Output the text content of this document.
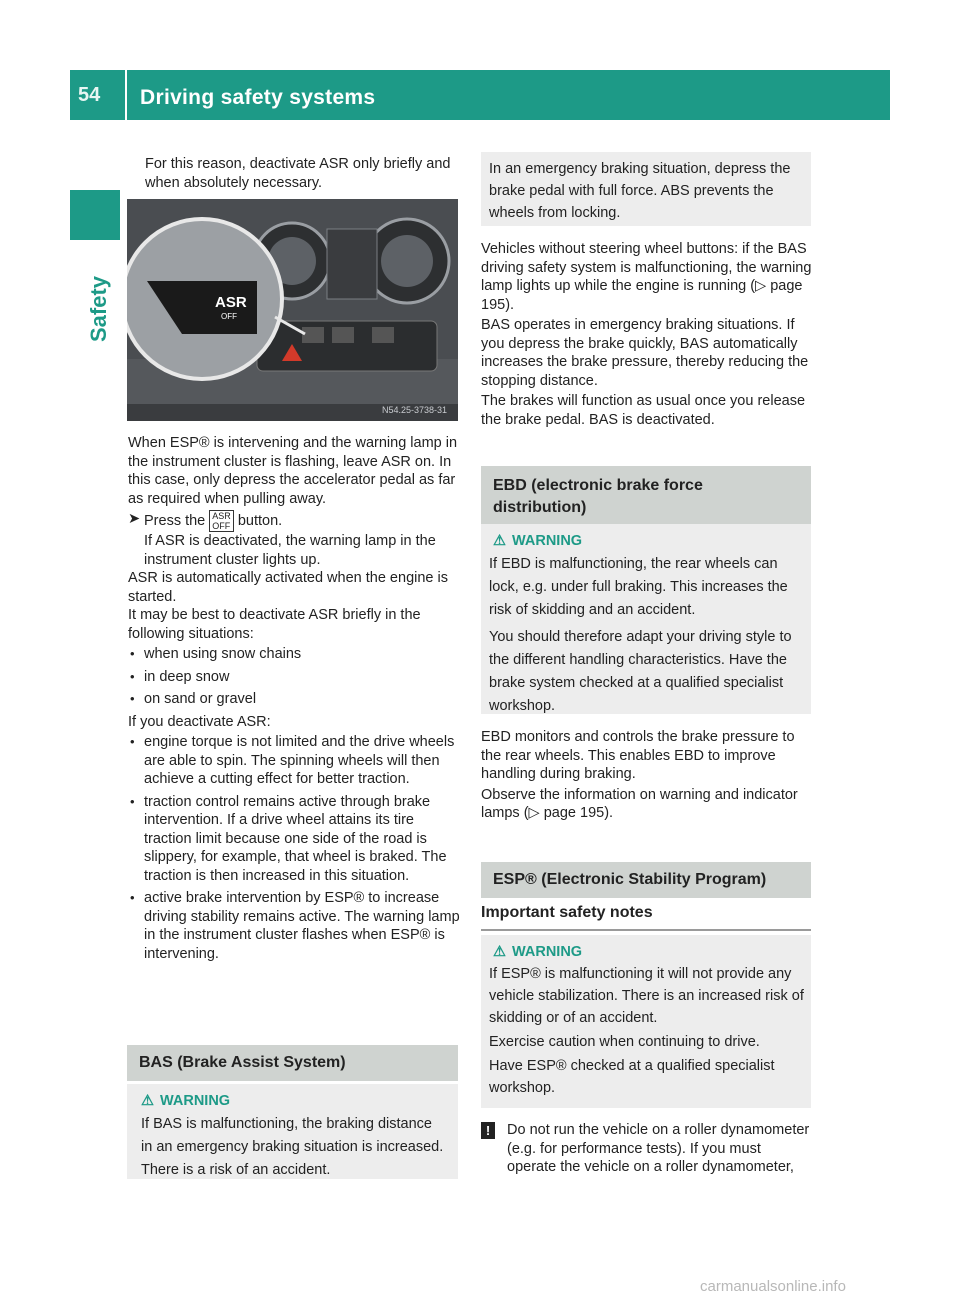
54 Driving safety systems
Safety
For this reason, deactivate ASR only briefly and when absolutely necessary.
ASR
OFF
N54.25-3738-31

When ESP® is intervening and the warning lamp in the instrument cluster is flashing, leave ASR on. In this case, only depress the accelerator pedal as far as required when pulling away.

➤ Press the ASR
OFF button.

If ASR is deactivated, the warning lamp in the instrument cluster lights up.

ASR is automatically activated when the engine is started.

It may be best to deactivate ASR briefly in the following situations:

• when using snow chains

• in deep snow

• on sand or gravel

If you deactivate ASR:

• engine torque is not limited and the drive wheels are able to spin. The spinning wheels will then achieve a cutting effect for better traction.

• traction control remains active through brake intervention. If a drive wheel attains its tire traction limit because one side of the road is slippery, for example, that wheel is braked. The traction is then increased in this situation.

• active brake intervention by ESP® to increase driving stability remains active. The warning lamp in the instrument cluster flashes when ESP® is intervening.

BAS (Brake Assist System)
⚠ WARNING

If BAS is malfunctioning, the braking distance in an emergency braking situation is increased. There is a risk of an accident.

In an emergency braking situation, depress the brake pedal with full force. ABS prevents the wheels from locking.

Vehicles without steering wheel buttons: if the BAS driving safety system is malfunctioning, the warning lamp lights up while the engine is running (▷ page 195).

BAS operates in emergency braking situations. If you depress the brake quickly, BAS automatically increases the brake pressure, thereby reducing the stopping distance.

The brakes will function as usual once you release the brake pedal. BAS is deactivated.

EBD (electronic brake force distribution)
⚠ WARNING

If EBD is malfunctioning, the rear wheels can lock, e.g. under full braking. This increases the risk of skidding and an accident.

You should therefore adapt your driving style to the different handling characteristics. Have the brake system checked at a qualified specialist workshop.

EBD monitors and controls the brake pressure to the rear wheels. This enables EBD to improve handling during braking.

Observe the information on warning and indicator lamps (▷ page 195).

ESP® (Electronic Stability Program)
Important safety notes
⚠ WARNING

If ESP® is malfunctioning it will not provide any vehicle stabilization. There is an increased risk of skidding or of an accident.

Exercise caution when continuing to drive.

Have ESP® checked at a qualified specialist workshop.

!	Do not run the vehicle on a roller dynamometer (e.g. for performance tests). If you must operate the vehicle on a roller dynamometer,

carmanualsonline.info
